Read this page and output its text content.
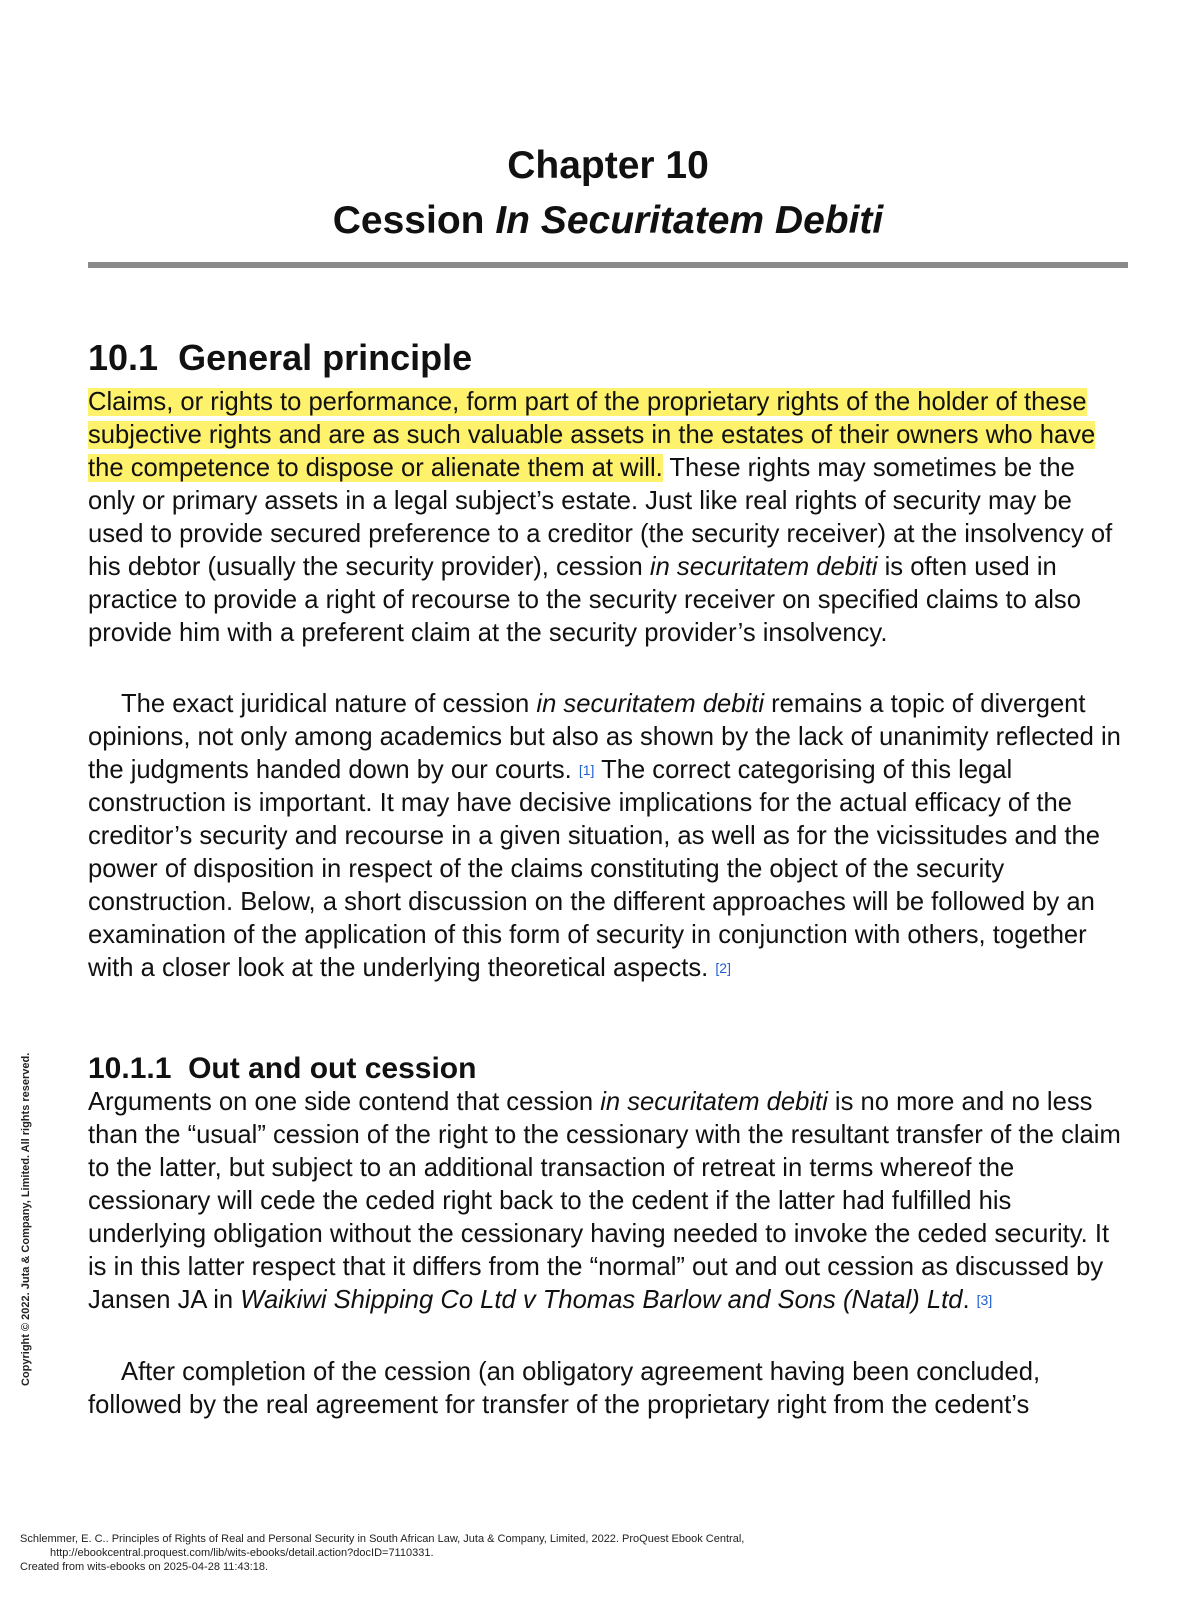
Chapter 10
Cession In Securitatem Debiti
10.1  General principle

Claims, or rights to performance, form part of the proprietary rights of the holder of these subjective rights and are as such valuable assets in the estates of their owners who have the competence to dispose or alienate them at will. These rights may sometimes be the only or primary assets in a legal subject’s estate. Just like real rights of security may be used to provide secured preference to a creditor (the security receiver) at the insolvency of his debtor (usually the security provider), cession in securitatem debiti is often used in practice to provide a right of recourse to the security receiver on specified claims to also provide him with a preferent claim at the security provider’s insolvency.

The exact juridical nature of cession in securitatem debiti remains a topic of divergent opinions, not only among academics but also as shown by the lack of unanimity reflected in the judgments handed down by our courts. [1] The correct categorising of this legal construction is important. It may have decisive implications for the actual efficacy of the creditor’s security and recourse in a given situation, as well as for the vicissitudes and the power of disposition in respect of the claims constituting the object of the security construction. Below, a short discussion on the different approaches will be followed by an examination of the application of this form of security in conjunction with others, together with a closer look at the underlying theoretical aspects. [2]

10.1.1  Out and out cession

Arguments on one side contend that cession in securitatem debiti is no more and no less than the “usual” cession of the right to the cessionary with the resultant transfer of the claim to the latter, but subject to an additional transaction of retreat in terms whereof the cessionary will cede the ceded right back to the cedent if the latter had fulfilled his underlying obligation without the cessionary having needed to invoke the ceded security. It is in this latter respect that it differs from the “normal” out and out cession as discussed by Jansen JA in Waikiwi Shipping Co Ltd v Thomas Barlow and Sons (Natal) Ltd. [3]

After completion of the cession (an obligatory agreement having been concluded, followed by the real agreement for transfer of the proprietary right from the cedent’s

Copyright © 2022. Juta & Company, Limited. All rights reserved.
Schlemmer, E. C.. Principles of Rights of Real and Personal Security in South African Law, Juta & Company, Limited, 2022. ProQuest Ebook Central,
http://ebookcentral.proquest.com/lib/wits-ebooks/detail.action?docID=7110331.
Created from wits-ebooks on 2025-04-28 11:43:18.
